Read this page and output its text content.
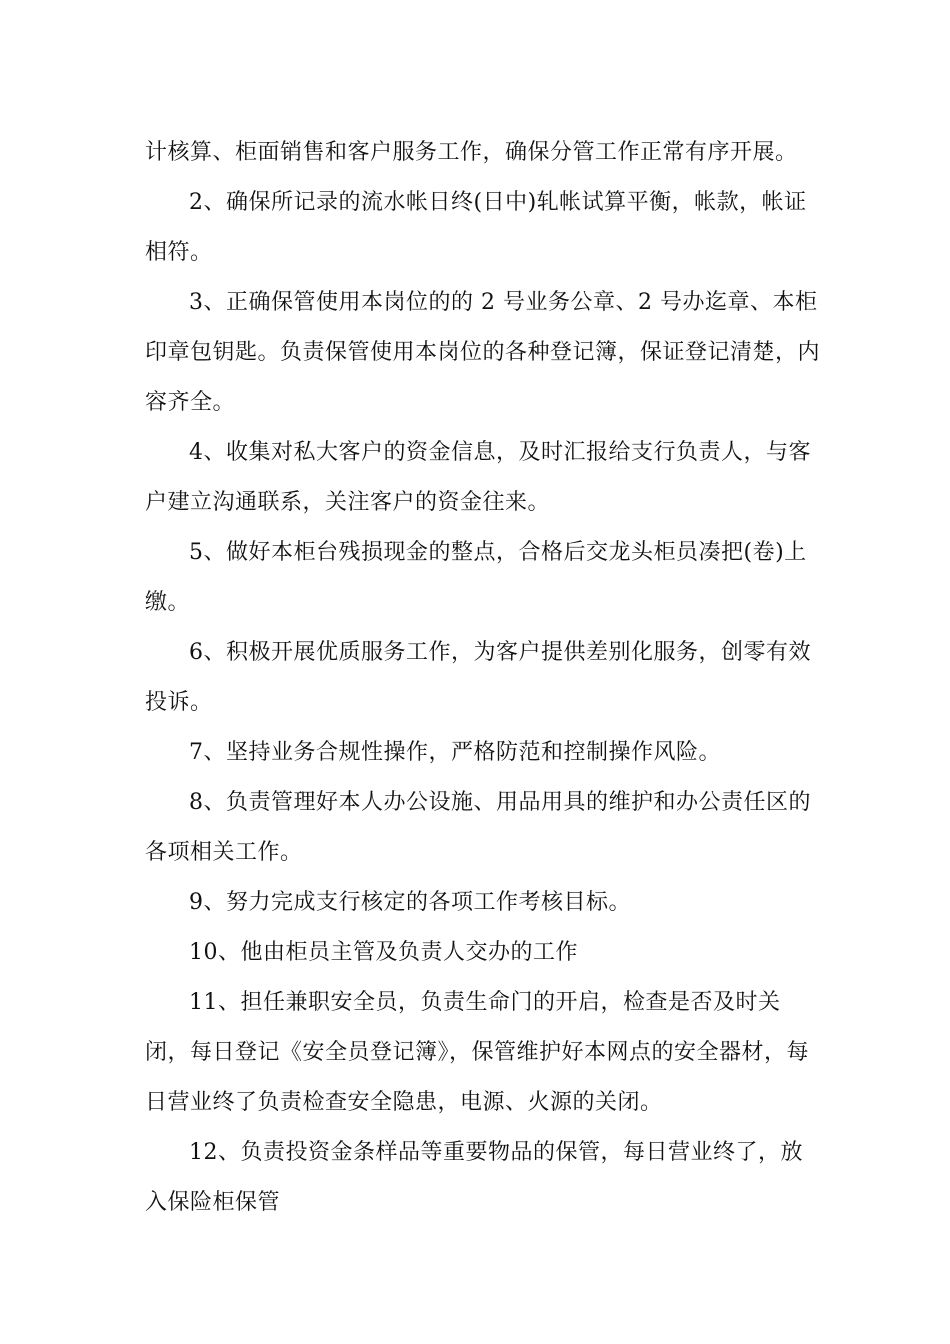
计核算、柜面销售和客户服务工作，确保分管工作正常有序开展。

2、确保所记录的流水帐日终(日中)轧帐试算平衡，帐款，帐证相符。

3、正确保管使用本岗位的的 2 号业务公章、2 号办迄章、本柜印章包钥匙。负责保管使用本岗位的各种登记簿，保证登记清楚，内容齐全。

4、收集对私大客户的资金信息，及时汇报给支行负责人，与客户建立沟通联系，关注客户的资金往来。

5、做好本柜台残损现金的整点，合格后交龙头柜员凑把(卷)上缴。

6、积极开展优质服务工作，为客户提供差别化服务，创零有效投诉。

7、坚持业务合规性操作，严格防范和控制操作风险。

8、负责管理好本人办公设施、用品用具的维护和办公责任区的各项相关工作。

9、努力完成支行核定的各项工作考核目标。

10、他由柜员主管及负责人交办的工作

11、担任兼职安全员，负责生命门的开启，检查是否及时关闭，每日登记《安全员登记簿》，保管维护好本网点的安全器材，每日营业终了负责检查安全隐患，电源、火源的关闭。

12、负责投资金条样品等重要物品的保管，每日营业终了，放入保险柜保管
